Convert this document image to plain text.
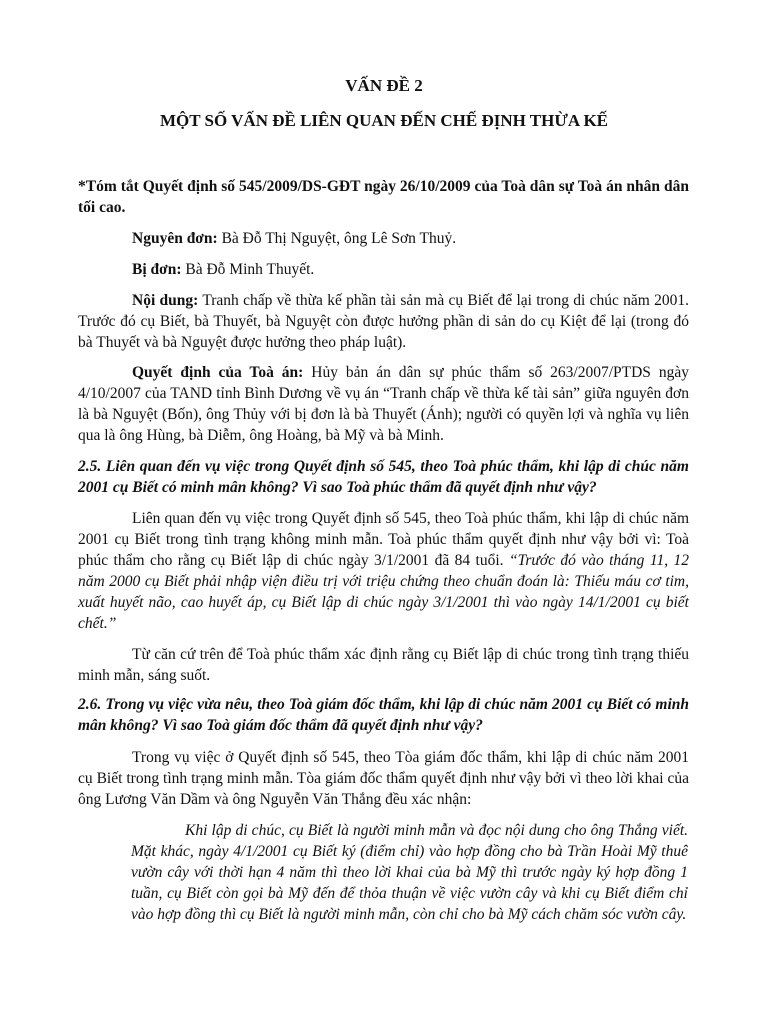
VẤN ĐỀ 2
MỘT SỐ VẤN ĐỀ LIÊN QUAN ĐẾN CHẾ ĐỊNH THỪA KẾ
*Tóm tắt Quyết định số 545/2009/DS-GĐT ngày 26/10/2009 của Toà dân sự Toà án nhân dân tối cao.
Nguyên đơn: Bà Đỗ Thị Nguyệt, ông Lê Sơn Thuỷ.
Bị đơn: Bà Đỗ Minh Thuyết.
Nội dung: Tranh chấp về thừa kế phần tài sản mà cụ Biết để lại trong di chúc năm 2001. Trước đó cụ Biết, bà Thuyết, bà Nguyệt còn được hưởng phần di sản do cụ Kiệt để lại (trong đó bà Thuyết và bà Nguyệt được hưởng theo pháp luật).
Quyết định của Toà án: Hủy bản án dân sự phúc thẩm số 263/2007/PTDS ngày 4/10/2007 của TAND tỉnh Bình Dương về vụ án “Tranh chấp về thừa kế tài sản” giữa nguyên đơn là bà Nguyệt (Bốn), ông Thủy với bị đơn là bà Thuyết (Ánh); người có quyền lợi và nghĩa vụ liên qua là ông Hùng, bà Diễm, ông Hoàng, bà Mỹ và bà Minh.
2.5. Liên quan đến vụ việc trong Quyết định số 545, theo Toà phúc thẩm, khi lập di chúc năm 2001 cụ Biết có minh mân không? Vì sao Toà phúc thẩm đã quyết định như vậy?
Liên quan đến vụ việc trong Quyết định số 545, theo Toà phúc thẩm, khi lập di chúc năm 2001 cụ Biết trong tình trạng không minh mẫn. Toà phúc thẩm quyết định như vậy bởi vì: Toà phúc thẩm cho rằng cụ Biết lập di chúc ngày 3/1/2001 đã 84 tuổi. “Trước đó vào tháng 11, 12 năm 2000 cụ Biết phải nhập viện điều trị với triệu chứng theo chuẩn đoán là: Thiếu máu cơ tim, xuất huyết não, cao huyết áp, cụ Biết lập di chúc ngày 3/1/2001 thì vào ngày 14/1/2001 cụ biết chết.”
Từ căn cứ trên để Toà phúc thẩm xác định rằng cụ Biết lập di chúc trong tình trạng thiếu minh mẫn, sáng suốt.
2.6. Trong vụ việc vừa nêu, theo Toà giám đốc thẩm, khi lập di chúc năm 2001 cụ Biết có minh mân không? Vì sao Toà giám đốc thẩm đã quyết định như vậy?
Trong vụ việc ở Quyết định số 545, theo Tòa giám đốc thẩm, khi lập di chúc năm 2001 cụ Biết trong tình trạng minh mẫn. Tòa giám đốc thẩm quyết định như vậy bởi vì theo lời khai của ông Lương Văn Dầm và ông Nguyễn Văn Thắng đều xác nhận:
Khi lập di chúc, cụ Biết là người minh mẫn và đọc nội dung cho ông Thắng viết. Mặt khác, ngày 4/1/2001 cụ Biết ký (điểm chỉ) vào hợp đồng cho bà Trần Hoài Mỹ thuê vườn cây với thời hạn 4 năm thì theo lời khai của bà Mỹ thì trước ngày ký hợp đồng 1 tuần, cụ Biết còn gọi bà Mỹ đến để thỏa thuận về việc vườn cây và khi cụ Biết điểm chỉ vào hợp đồng thì cụ Biết là người minh mẫn, còn chỉ cho bà Mỹ cách chăm sóc vườn cây.
